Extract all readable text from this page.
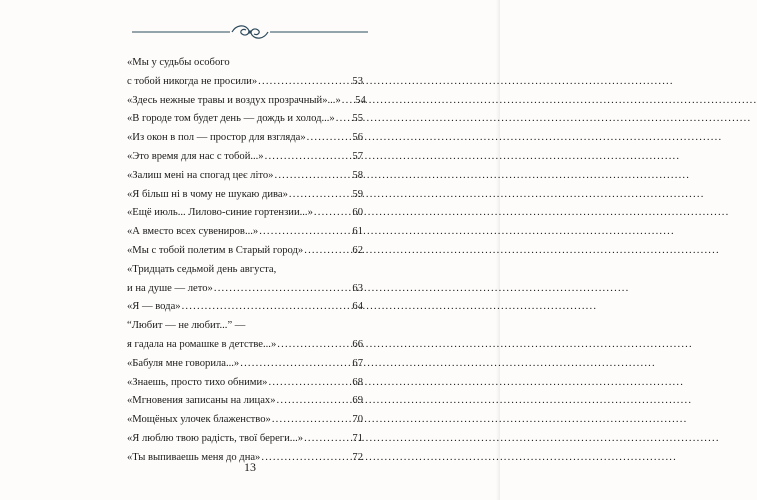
«Мы у судьбы особого
с тобой никогда не просили» .....	53
«Здесь нежные травы и воздух прозрачный»...» .....	54
«В городе том будет день — дождь и холод...» .....	55
«Из окон в пол — простор для взгляда» .....	56
«Это время для нас с тобой...» .....	57
«Залиш мені на спогад цеє літо» .....	58
«Я більш ні в чому не шукаю дива» .....	59
«Ещё июль... Лилово-синие гортензии...» .....	60
«А вместо всех сувениров...» .....	61
«Мы с тобой полетим в Старый город» .....	62
«Тридцать седьмой день августа,
и на душе — лето» .....	63
«Я — вода» .....	64
“Любит — не любит...” —
я гадала на ромашке в детстве...» .....	66
«Бабуля мне говорила...» .....	67
«Знаешь, просто тихо обними» .....	68
«Мгновения записаны на лицах» .....	69
«Мощёных улочек блаженство» .....	70
«Я люблю твою радість, твої береги...» .....	71
«Ты выпиваешь меня до дна» .....	72
13
